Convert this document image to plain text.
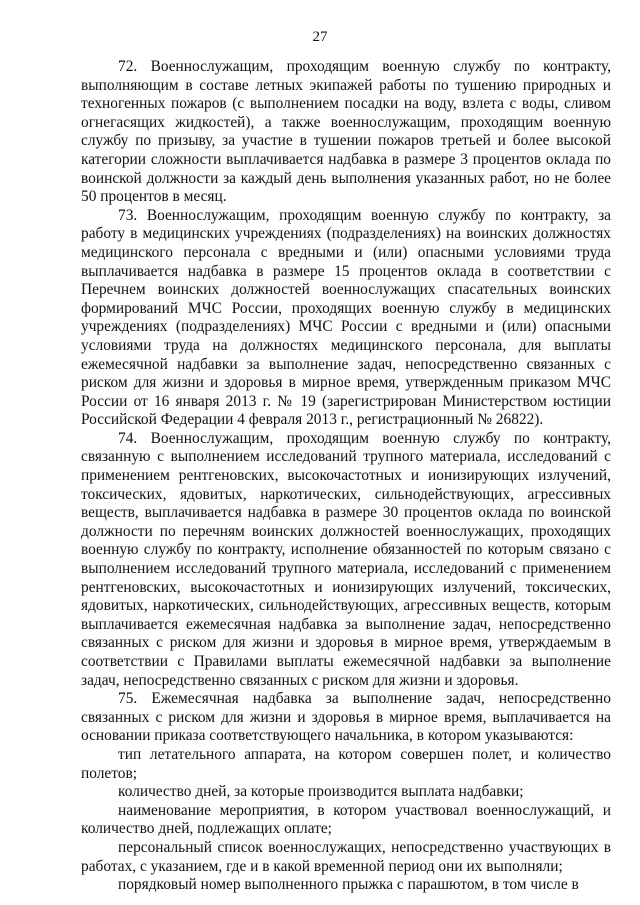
27

72. Военнослужащим, проходящим военную службу по контракту, выполняющим в составе летных экипажей работы по тушению природных и техногенных пожаров (с выполнением посадки на воду, взлета с воды, сливом огнегасящих жидкостей), а также военнослужащим, проходящим военную службу по призыву, за участие в тушении пожаров третьей и более высокой категории сложности выплачивается надбавка в размере 3 процентов оклада по воинской должности за каждый день выполнения указанных работ, но не более 50 процентов в месяц.

73. Военнослужащим, проходящим военную службу по контракту, за работу в медицинских учреждениях (подразделениях) на воинских должностях медицинского персонала с вредными и (или) опасными условиями труда выплачивается надбавка в размере 15 процентов оклада в соответствии с Перечнем воинских должностей военнослужащих спасательных воинских формирований МЧС России, проходящих военную службу в медицинских учреждениях (подразделениях) МЧС России с вредными и (или) опасными условиями труда на должностях медицинского персонала, для выплаты ежемесячной надбавки за выполнение задач, непосредственно связанных с риском для жизни и здоровья в мирное время, утвержденным приказом МЧС России от 16 января 2013 г. № 19 (зарегистрирован Министерством юстиции Российской Федерации 4 февраля 2013 г., регистрационный № 26822).

74. Военнослужащим, проходящим военную службу по контракту, связанную с выполнением исследований трупного материала, исследований с применением рентгеновских, высокочастотных и ионизирующих излучений, токсических, ядовитых, наркотических, сильнодействующих, агрессивных веществ, выплачивается надбавка в размере 30 процентов оклада по воинской должности по перечням воинских должностей военнослужащих, проходящих военную службу по контракту, исполнение обязанностей по которым связано с выполнением исследований трупного материала, исследований с применением рентгеновских, высокочастотных и ионизирующих излучений, токсических, ядовитых, наркотических, сильнодействующих, агрессивных веществ, которым выплачивается ежемесячная надбавка за выполнение задач, непосредственно связанных с риском для жизни и здоровья в мирное время, утверждаемым в соответствии с Правилами выплаты ежемесячной надбавки за выполнение задач, непосредственно связанных с риском для жизни и здоровья.

75. Ежемесячная надбавка за выполнение задач, непосредственно связанных с риском для жизни и здоровья в мирное время, выплачивается на основании приказа соответствующего начальника, в котором указываются:

тип летательного аппарата, на котором совершен полет, и количество полетов;

количество дней, за которые производится выплата надбавки;

наименование мероприятия, в котором участвовал военнослужащий, и количество дней, подлежащих оплате;

персональный список военнослужащих, непосредственно участвующих в работах, с указанием, где и в какой временной период они их выполняли;

порядковый номер выполненного прыжка с парашютом, в том числе в
